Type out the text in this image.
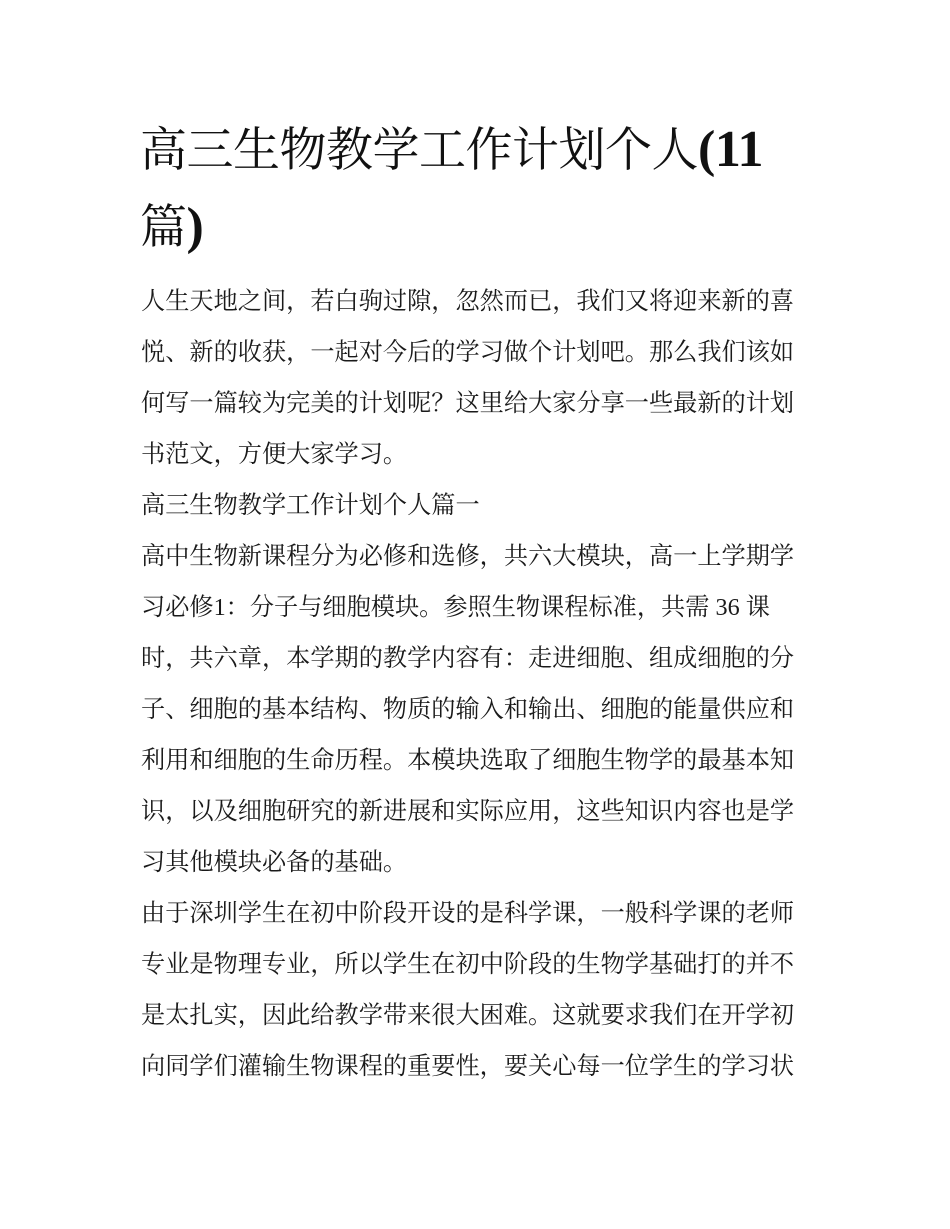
高三生物教学工作计划个人(11
篇)
人生天地之间，若白驹过隙，忽然而已，我们又将迎来新的喜
悦、新的收获，一起对今后的学习做个计划吧。那么我们该如
何写一篇较为完美的计划呢？这里给大家分享一些最新的计划
书范文，方便大家学习。
高三生物教学工作计划个人篇一
高中生物新课程分为必修和选修，共六大模块，高一上学期学
习必修1：分子与细胞模块。参照生物课程标准，共需 36 课
时，共六章，本学期的教学内容有：走进细胞、组成细胞的分
子、细胞的基本结构、物质的输入和输出、细胞的能量供应和
利用和细胞的生命历程。本模块选取了细胞生物学的最基本知
识，以及细胞研究的新进展和实际应用，这些知识内容也是学
习其他模块必备的基础。
由于深圳学生在初中阶段开设的是科学课，一般科学课的老师
专业是物理专业，所以学生在初中阶段的生物学基础打的并不
是太扎实，因此给教学带来很大困难。这就要求我们在开学初
向同学们灌输生物课程的重要性，要关心每一位学生的学习状
